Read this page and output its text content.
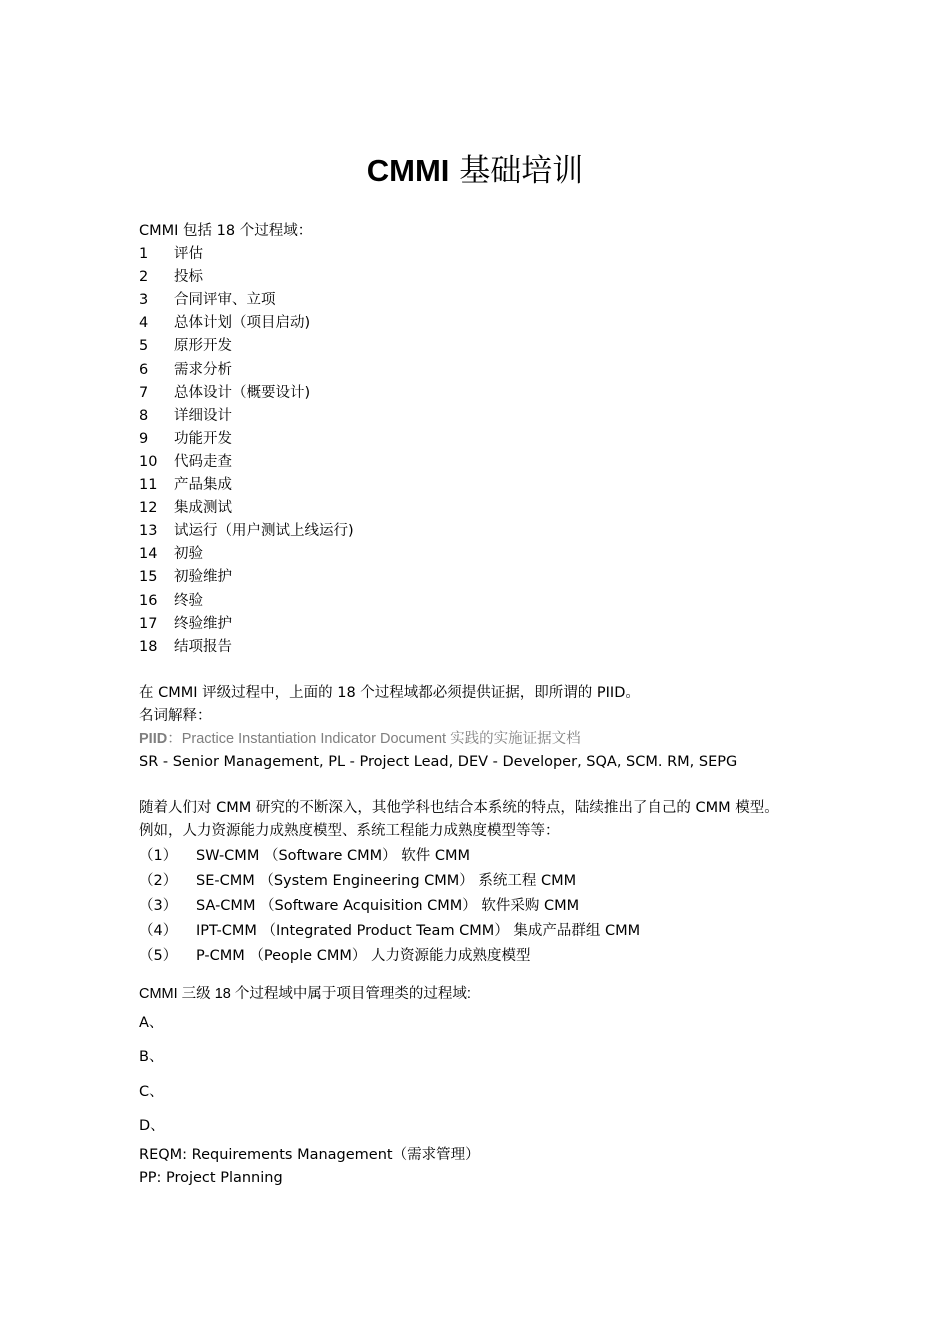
CMMI 基础培训
CMMI 包括 18 个过程域：
1 评估
2 投标
3 合同评审、立项
4 总体计划（项目启动)
5 原形开发
6 需求分析
7 总体设计（概要设计)
8 详细设计
9 功能开发
10 代码走查
11 产品集成
12 集成测试
13 试运行（用户测试上线运行)
14 初验
15 初验维护
16 终验
17 终验维护
18 结项报告
在 CMMI 评级过程中，上面的 18 个过程域都必须提供证据，即所谓的 PIID。
名词解释：
PIID：Practice Instantiation Indicator Document 实践的实施证据文档
SR - Senior Management, PL - Project Lead, DEV - Developer, SQA, SCM. RM, SEPG
随着人们对 CMM 研究的不断深入，其他学科也结合本系统的特点，陆续推出了自己的 CMM 模型。
例如，人力资源能力成熟度模型、系统工程能力成熟度模型等等：
（1） SW-CMM （Software CMM） 软件 CMM
（2） SE-CMM （System Engineering CMM） 系统工程 CMM
（3） SA-CMM （Software Acquisition CMM） 软件采购 CMM
（4） IPT-CMM （Integrated Product Team CMM） 集成产品群组 CMM
（5） P-CMM （People CMM） 人力资源能力成熟度模型
CMMI 三级 18 个过程域中属于项目管理类的过程域:
A、
B、
C、
D、
REQM: Requirements Management（需求管理）
PP: Project Planning
